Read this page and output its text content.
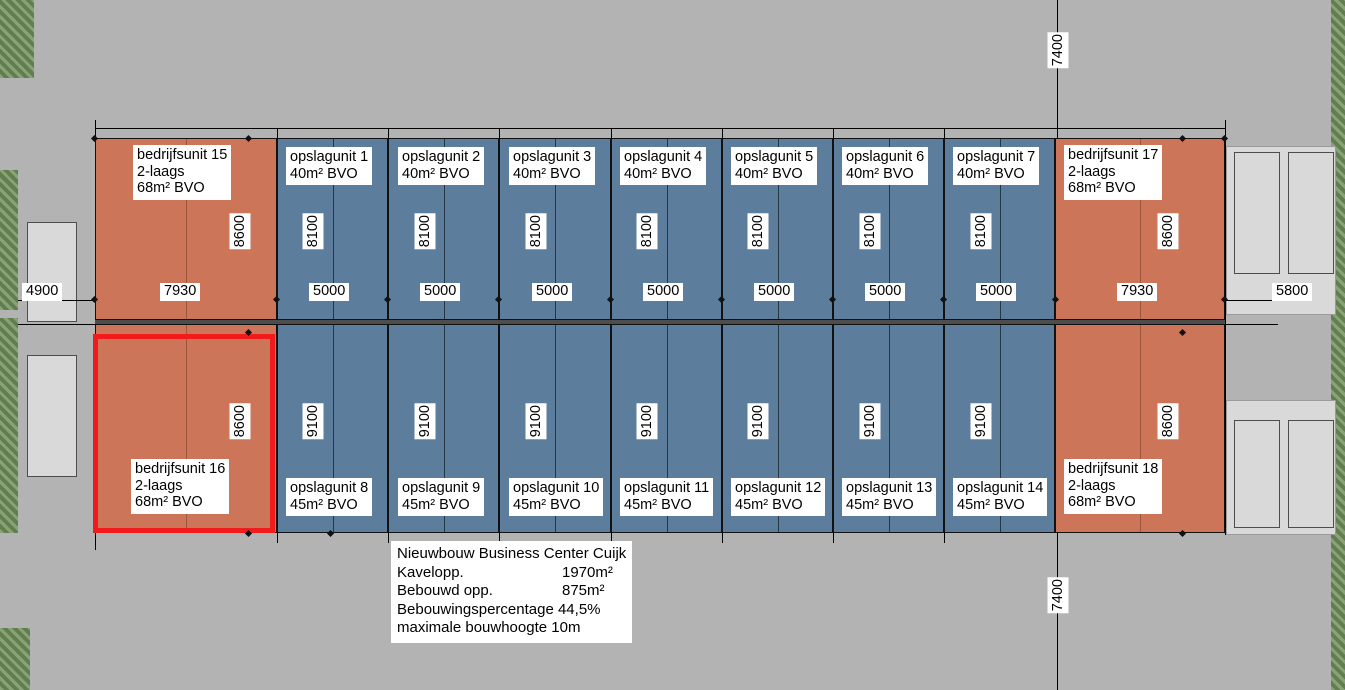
bedrijfsunit 15
2-laags
68m² BVO
opslagunit 1
40m² BVO
opslagunit 2
40m² BVO
opslagunit 3
40m² BVO
opslagunit 4
40m² BVO
opslagunit 5
40m² BVO
opslagunit 6
40m² BVO
opslagunit 7
40m² BVO
bedrijfsunit 17
2-laags
68m² BVO
bedrijfsunit 16
2-laags
68m² BVO
opslagunit 8
45m² BVO
opslagunit 9
45m² BVO
opslagunit 10
45m² BVO
opslagunit 11
45m² BVO
opslagunit 12
45m² BVO
opslagunit 13
45m² BVO
opslagunit 14
45m² BVO
bedrijfsunit 18
2-laags
68m² BVO
8600	8100	8100	8100	8100	8100	8100	8100	8600
8600	9100	9100	9100	9100	9100	9100	9100	8600
4900	7930	5000	5000	5000	5000	5000	5000	5000	7930	5800
7400
7400
Nieuwbouw Business Center Cuijk
Kavelopp.	1970m²
Bebouwd opp.	875m²
Bebouwingspercentage 44,5%
maximale bouwhoogte 10m
